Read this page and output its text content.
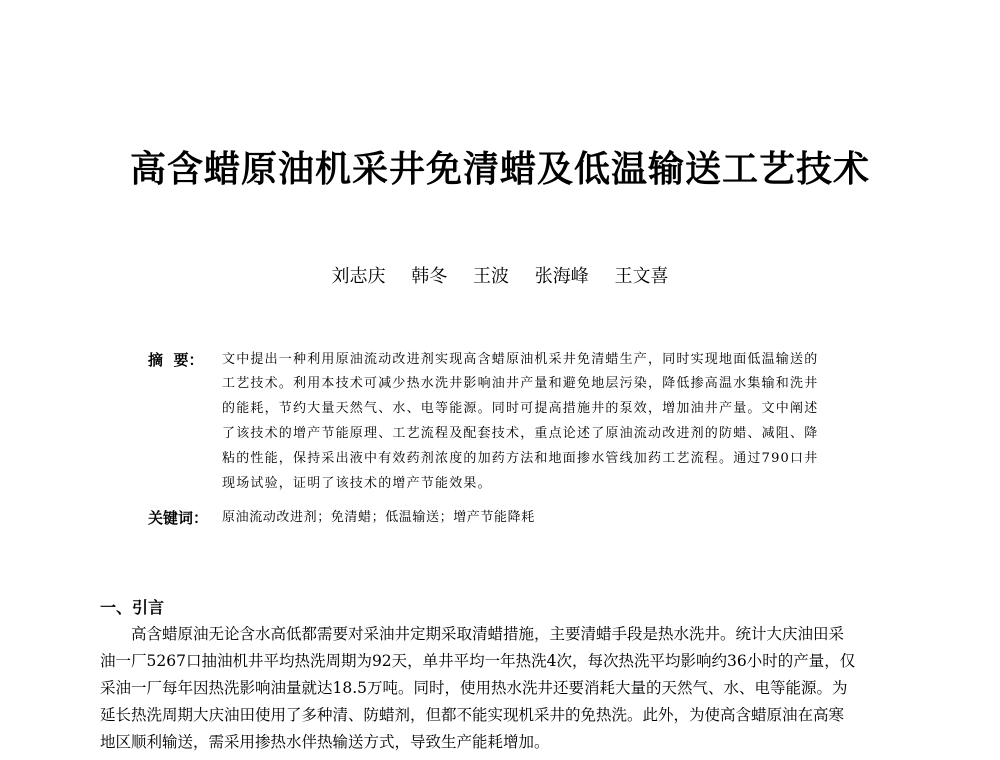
高含蜡原油机采井免清蜡及低温输送工艺技术
刘志庆 韩冬 王波 张海峰 王文喜
摘  要： 文中提出一种利用原油流动改进剂实现高含蜡原油机采井免清蜡生产，同时实现地面低温输送的
工艺技术。利用本技术可减少热水洗井影响油井产量和避免地层污染，降低掺高温水集输和洗井
的能耗，节约大量天然气、水、电等能源。同时可提高措施井的泵效，增加油井产量。文中阐述
了该技术的增产节能原理、工艺流程及配套技术，重点论述了原油流动改进剂的防蜡、减阻、降
粘的性能，保持采出液中有效药剂浓度的加药方法和地面掺水管线加药工艺流程。通过790口井
现场试验，证明了该技术的增产节能效果。
关键词： 原油流动改进剂；免清蜡；低温输送；增产节能降耗
一、引言
高含蜡原油无论含水高低都需要对采油井定期采取清蜡措施，主要清蜡手段是热水洗井。统计大庆油田采
油一厂5267口抽油机井平均热洗周期为92天，单井平均一年热洗4次，每次热洗平均影响约36小时的产量，仅
采油一厂每年因热洗影响油量就达18.5万吨。同时，使用热水洗井还要消耗大量的天然气、水、电等能源。为
延长热洗周期大庆油田使用了多种清、防蜡剂，但都不能实现机采井的免热洗。此外，为使高含蜡原油在高寒
地区顺利输送，需采用掺热水伴热输送方式，导致生产能耗增加。
